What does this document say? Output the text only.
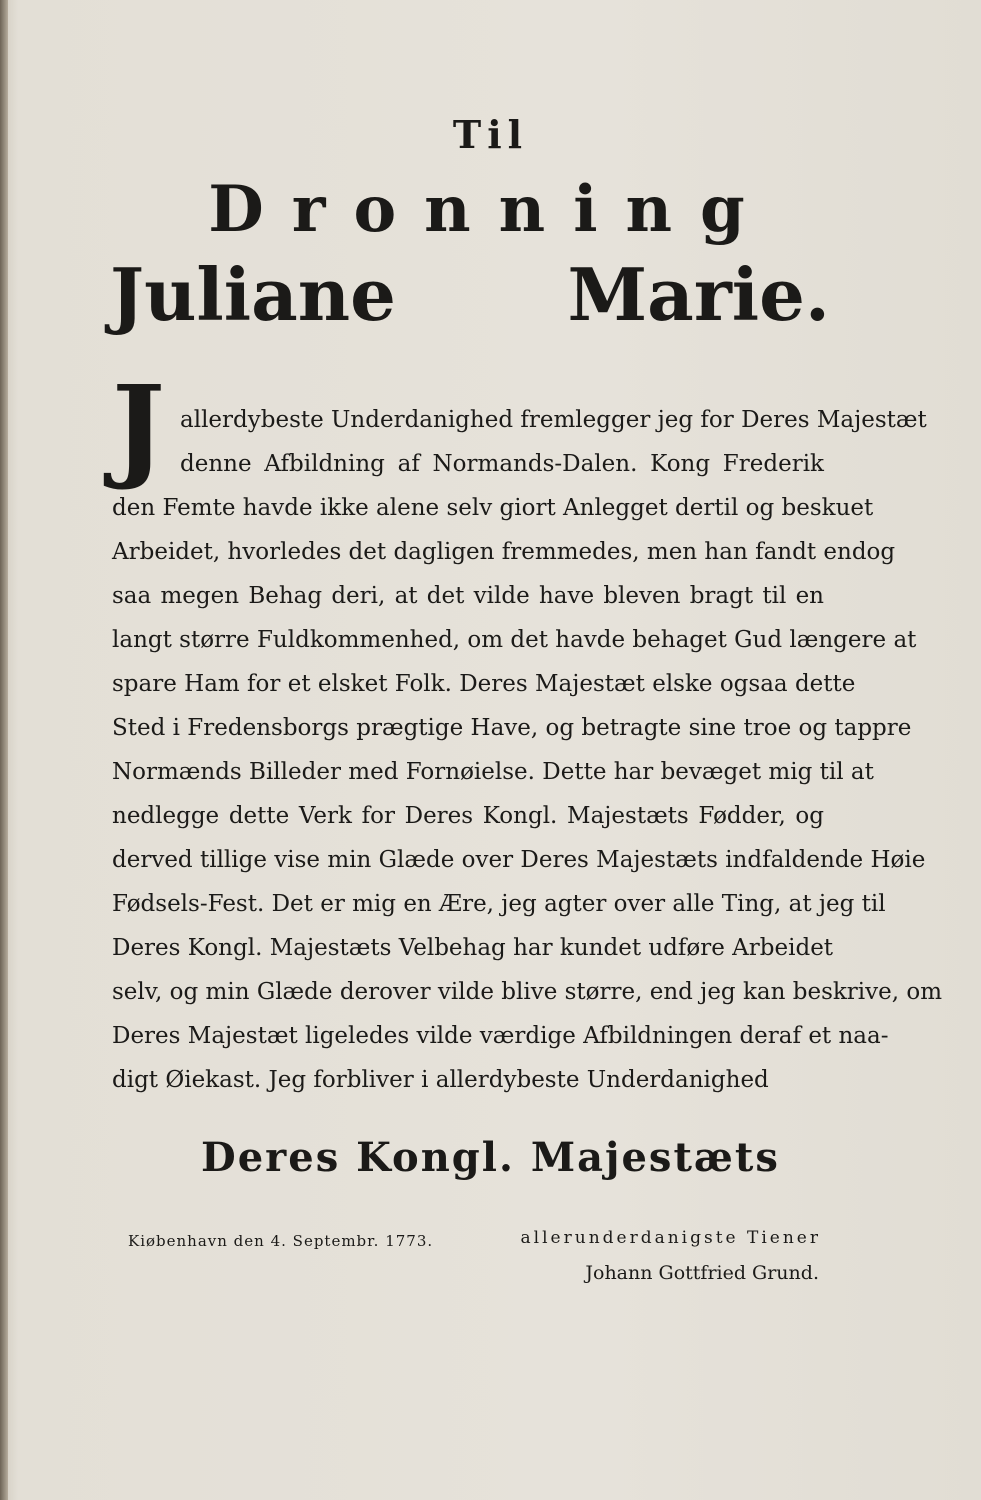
Til
Dronning
Juliane Marie.
J allerdybeste Underdanighed fremlegger jeg for Deres Majestæt
denne Afbildning af Normands-Dalen. Kong Frederik
den Femte havde ikke alene selv giort Anlegget dertil og beskuet
Arbeidet, hvorledes det dagligen fremmedes, men han fandt endog
saa megen Behag deri, at det vilde have bleven bragt til en
langt større Fuldkommenhed, om det havde behaget Gud længere at
spare Ham for et elsket Folk. Deres Majestæt elske ogsaa dette
Sted i Fredensborgs prægtige Have, og betragte sine troe og tappre
Normænds Billeder med Fornøielse. Dette har bevæget mig til at
nedlegge dette Verk for Deres Kongl. Majestæts Fødder, og
derved tillige vise min Glæde over Deres Majestæts indfaldende Høie
Fødsels-Fest. Det er mig en Ære, jeg agter over alle Ting, at jeg til
Deres Kongl. Majestæts Velbehag har kundet udføre Arbeidet
selv, og min Glæde derover vilde blive større, end jeg kan beskrive, om
Deres Majestæt ligeledes vilde værdige Afbildningen deraf et naa-
digt Øiekast. Jeg forbliver i allerdybeste Underdanighed
Deres Kongl. Majestæts
Kiøbenhavn den 4. Septembr. 1773.	allerunderdanigste Tiener
Johann Gottfried Grund.
